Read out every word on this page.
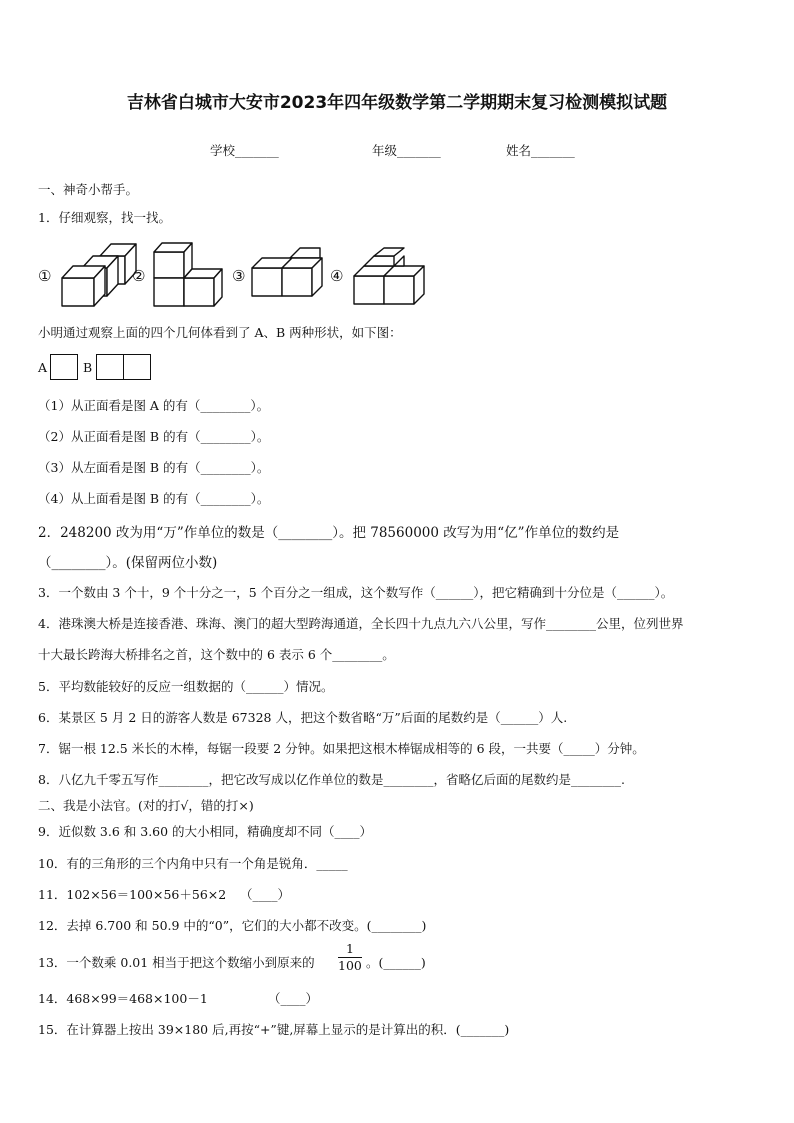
吉林省白城市大安市2023年四年级数学第二学期期末复习检测模拟试题
学校_______	年级_______	姓名_______
一、神奇小帮手。
1．仔细观察，找一找。
①	②	③	④
小明通过观察上面的四个几何体看到了 A、B 两种形状，如下图：
A	B
（1）从正面看是图 A 的有（________）。
（2）从正面看是图 B 的有（________）。
（3）从左面看是图 B 的有（________）。
（4）从上面看是图 B 的有（________）。
2．248200 改为用“万”作单位的数是（________）。把 78560000 改写为用“亿”作单位的数约是
（________）。(保留两位小数)
3．一个数由 3 个十，9 个十分之一，5 个百分之一组成，这个数写作（______），把它精确到十分位是（______）。
4．港珠澳大桥是连接香港、珠海、澳门的超大型跨海通道，全长四十九点九六八公里，写作________公里，位列世界
十大最长跨海大桥排名之首，这个数中的 6 表示 6 个________。
5．平均数能较好的反应一组数据的（______）情况。
6．某景区 5 月 2 日的游客人数是 67328 人，把这个数省略“万”后面的尾数约是（______）人.
7．锯一根 12.5 米长的木棒，每锯一段要 2 分钟。如果把这根木棒锯成相等的 6 段，一共要（_____）分钟。
8．八亿九千零五写作________，把它改写成以亿作单位的数是________，省略亿后面的尾数约是________.
二、我是小法官。(对的打√，错的打×)
9．近似数 3.6 和 3.60 的大小相同，精确度却不同（____）
10．有的三角形的三个内角中只有一个角是锐角．_____
11．102×56＝100×56＋56×2 （____）
12．去掉 6.700 和 50.9 中的“0”，它们的大小都不改变。(________)
13．一个数乘 0.01 相当于把这个数缩小到原来的 $\frac{1}{100}$ 。(______)
14．468×99＝468×100－1	（____）
15．在计算器上按出 39×180 后,再按“+”键,屏幕上显示的是计算出的积．(_______)
